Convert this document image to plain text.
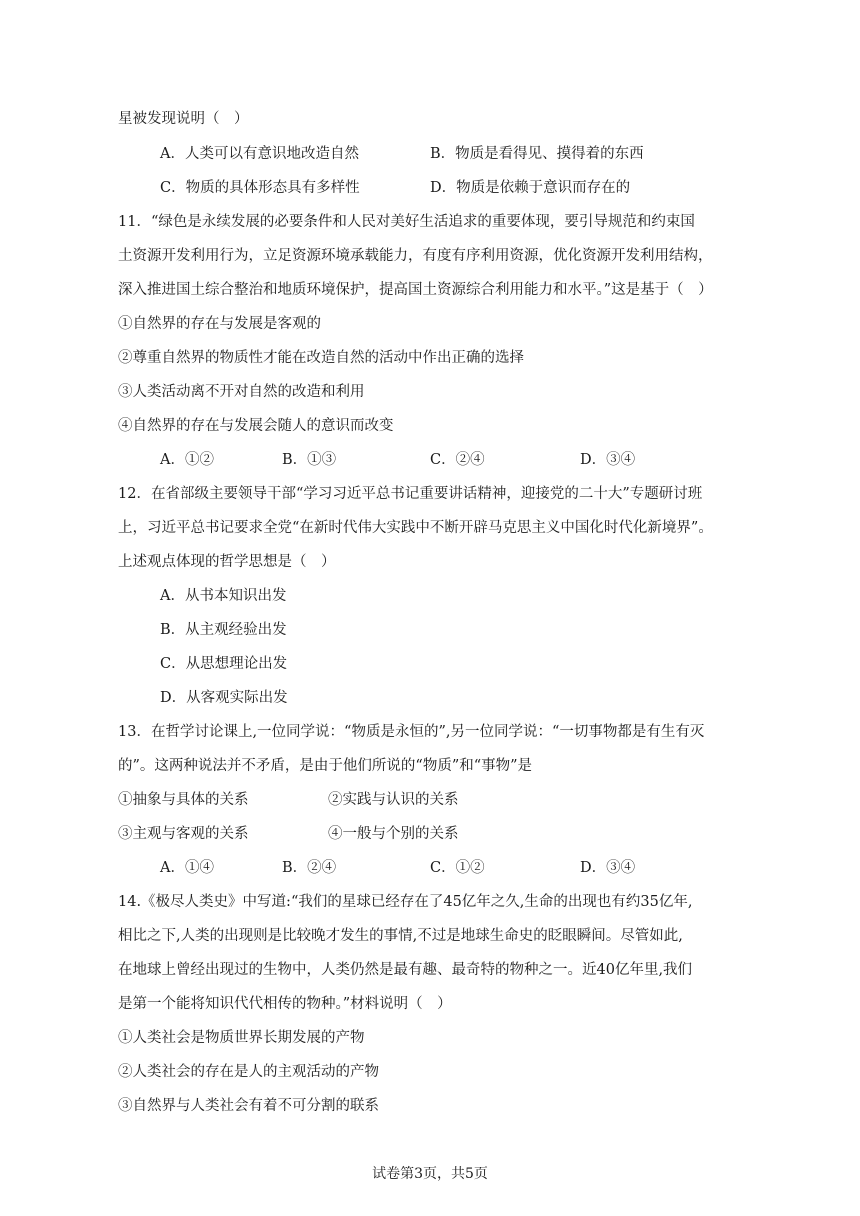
星被发现说明（　）
A．人类可以有意识地改造自然	B．物质是看得见、摸得着的东西
C．物质的具体形态具有多样性	D．物质是依赖于意识而存在的
11．“绿色是永续发展的必要条件和人民对美好生活追求的重要体现，要引导规范和约束国
土资源开发利用行为，立足资源环境承载能力，有度有序利用资源，优化资源开发利用结构，
深入推进国土综合整治和地质环境保护，提高国土资源综合利用能力和水平。”这是基于（　）
①自然界的存在与发展是客观的
②尊重自然界的物质性才能在改造自然的活动中作出正确的选择
③人类活动离不开对自然的改造和利用
④自然界的存在与发展会随人的意识而改变
A．①②	B．①③	C．②④	D．③④
12．在省部级主要领导干部“学习习近平总书记重要讲话精神，迎接党的二十大”专题研讨班
上，习近平总书记要求全党“在新时代伟大实践中不断开辟马克思主义中国化时代化新境界”。
上述观点体现的哲学思想是（　）
A．从书本知识出发
B．从主观经验出发
C．从思想理论出发
D．从客观实际出发
13．在哲学讨论课上,一位同学说：“物质是永恒的”,另一位同学说：“一切事物都是有生有灭
的”。这两种说法并不矛盾，是由于他们所说的“物质”和“事物”是
①抽象与具体的关系	②实践与认识的关系
③主观与客观的关系	④一般与个别的关系
A．①④	B．②④	C．①②	D．③④
14.《极尽人类史》中写道:“我们的星球已经存在了45亿年之久,生命的出现也有约35亿年,
相比之下,人类的出现则是比较晚才发生的事情,不过是地球生命史的眨眼瞬间。尽管如此,
在地球上曾经出现过的生物中，人类仍然是最有趣、最奇特的物种之一。近40亿年里,我们
是第一个能将知识代代相传的物种。”材料说明（　）
①人类社会是物质世界长期发展的产物
②人类社会的存在是人的主观活动的产物
③自然界与人类社会有着不可分割的联系
试卷第3页，共5页
